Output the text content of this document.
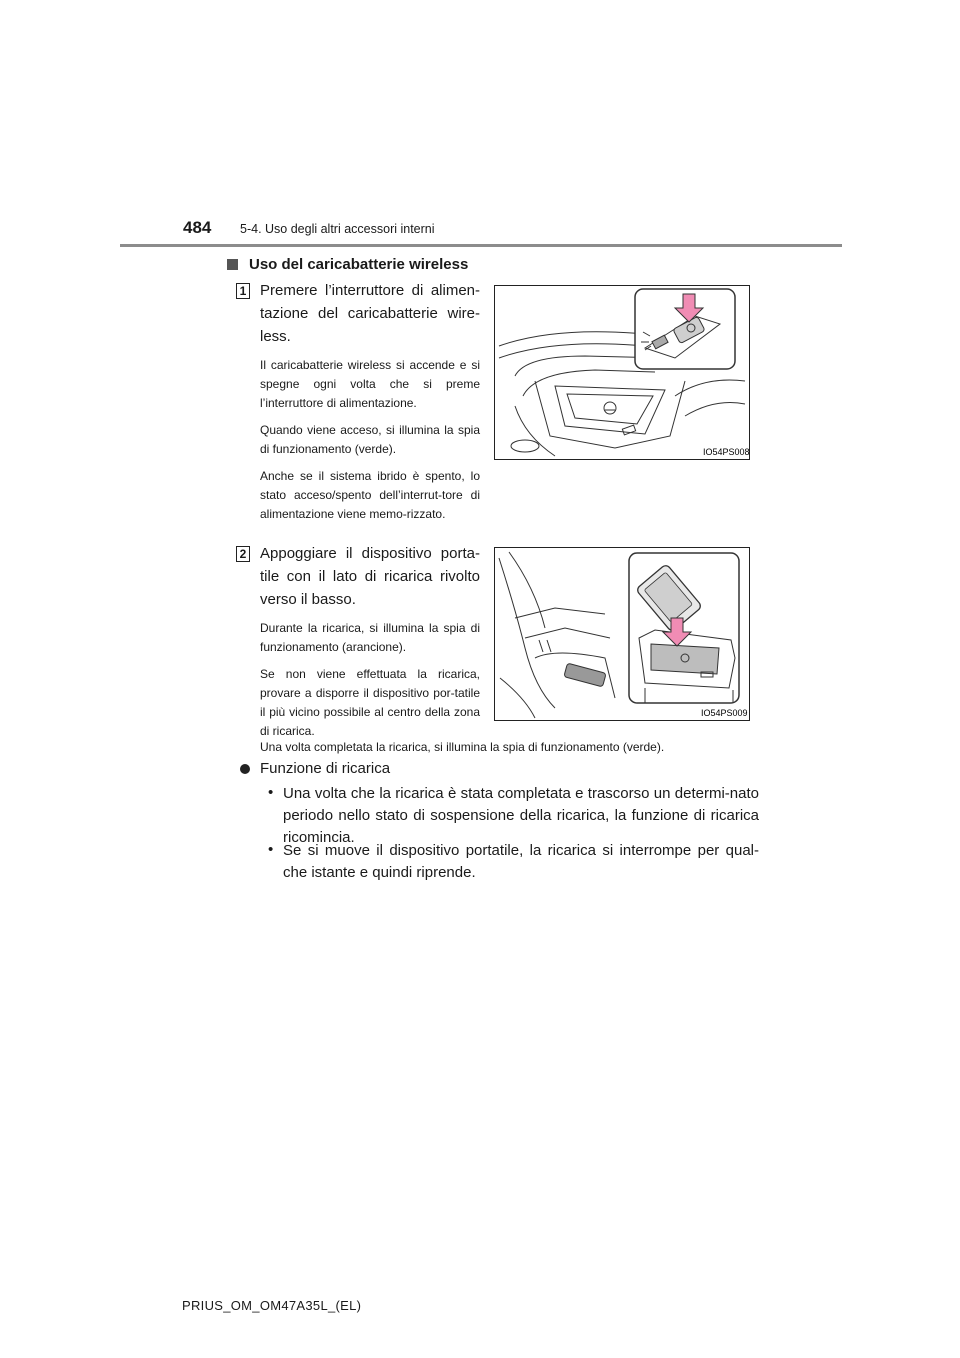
484 5-4. Uso degli altri accessori interni
Uso del caricabatterie wireless
1 Premere l’interruttore di alimen-tazione del caricabatterie wire-less.
Il caricabatterie wireless si accende e si spegne ogni volta che si preme l’interruttore di alimentazione.
Quando viene acceso, si illumina la spia di funzionamento (verde).
Anche se il sistema ibrido è spento, lo stato acceso/spento dell’interrut-tore di alimentazione viene memo-rizzato.
IO54PS008
2 Appoggiare il dispositivo porta-tile con il lato di ricarica rivolto verso il basso.
Durante la ricarica, si illumina la spia di funzionamento (arancione).
Se non viene effettuata la ricarica, provare a disporre il dispositivo por-tatile il più vicino possibile al centro della zona di ricarica.
IO54PS009
Una volta completata la ricarica, si illumina la spia di funzionamento (verde).
Funzione di ricarica
• Una volta che la ricarica è stata completata e trascorso un determi-nato periodo nello stato di sospensione della ricarica, la funzione di ricarica ricomincia.
• Se si muove il dispositivo portatile, la ricarica si interrompe per qual-che istante e quindi riprende.
PRIUS_OM_OM47A35L_(EL)
